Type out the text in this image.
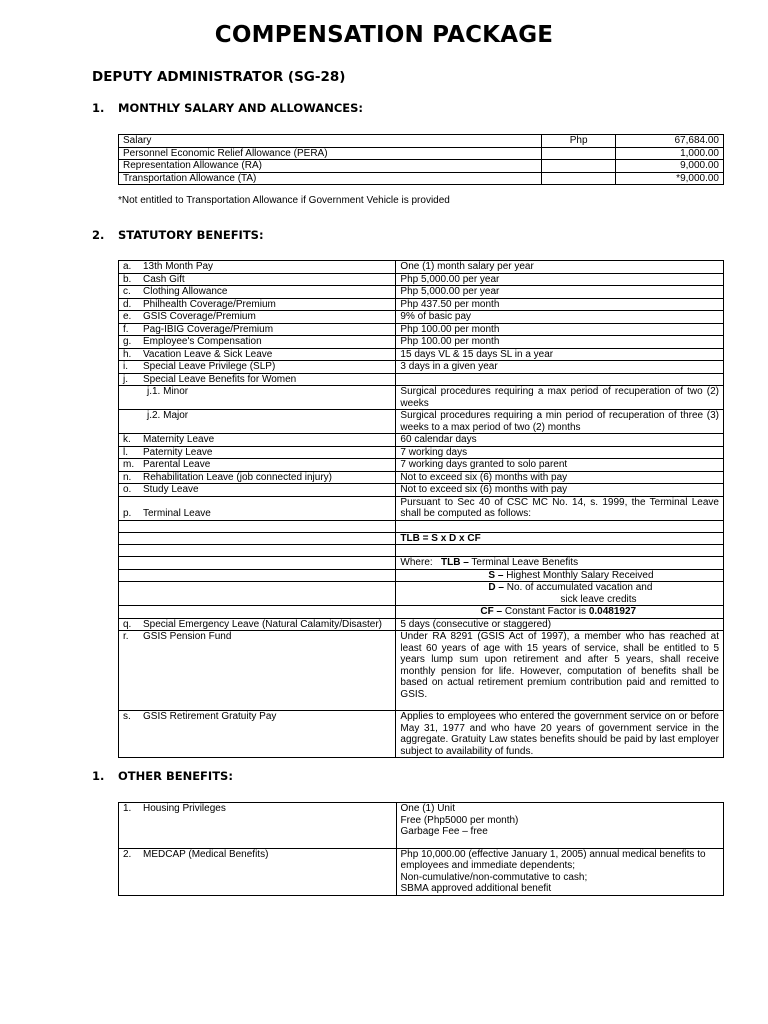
COMPENSATION PACKAGE
DEPUTY ADMINISTRATOR (SG-28)
1. MONTHLY SALARY AND ALLOWANCES:
Salary	Php	67,684.00
Personnel Economic Relief Allowance (PERA)		1,000.00
Representation Allowance (RA)		9,000.00
Transportation Allowance (TA)		*9,000.00
*Not entitled to Transportation Allowance if Government Vehicle is provided
2. STATUTORY BENEFITS:
a. 13th Month Pay	One (1) month salary per year
b. Cash Gift	Php 5,000.00 per year
c. Clothing Allowance	Php 5,000.00 per year
d. Philhealth Coverage/Premium	Php 437.50 per month
e. GSIS Coverage/Premium	9% of basic pay
f. Pag-IBIG Coverage/Premium	Php 100.00 per month
g. Employee's Compensation	Php 100.00 per month
h. Vacation Leave & Sick Leave	15 days VL & 15 days SL in a year
i. Special Leave Privilege (SLP)	3 days in a given year
j. Special Leave Benefits for Women	
j.1. Minor	Surgical procedures requiring a max period of recuperation of two (2) weeks
j.2. Major	Surgical procedures requiring a min period of recuperation of three (3) weeks to a max period of two (2) months
k. Maternity Leave	60 calendar days
l. Paternity Leave	7 working days
m. Parental Leave	7 working days granted to solo parent
n. Rehabilitation Leave (job connected injury)	Not to exceed six (6) months with pay
o. Study Leave	Not to exceed six (6) months with pay
p. Terminal Leave	Pursuant to Sec 40 of CSC MC No. 14, s. 1999, the Terminal Leave shall be computed as follows:

	TLB = S x D x CF

	Where: TLB – Terminal Leave Benefits
	S – Highest Monthly Salary Received
	D – No. of accumulated vacation and
sick leave credits

	CF – Constant Factor is 0.0481927

q. Special Emergency Leave (Natural Calamity/Disaster)	5 days (consecutive or staggered)
r. GSIS Pension Fund	Under RA 8291 (GSIS Act of 1997), a member who has reached at least 60 years of age with 15 years of service, shall be entitled to 5 years lump sum upon retirement and after 5 years, shall receive monthly pension for life. However, computation of benefits shall be based on actual retirement premium contribution paid and remitted to GSIS.
s. GSIS Retirement Gratuity Pay	Applies to employees who entered the government service on or before May 31, 1977 and who have 20 years of government service in the aggregate. Gratuity Law states benefits should be paid by last employer subject to availability of funds.
1. OTHER BENEFITS:
1. Housing Privileges	One (1) Unit
Free (Php5000 per month)
Garbage Fee – free

2. MEDCAP (Medical Benefits)	Php 10,000.00 (effective January 1, 2005) annual medical benefits to employees and immediate dependents;
Non-cumulative/non-commutative to cash;
SBMA approved additional benefit
